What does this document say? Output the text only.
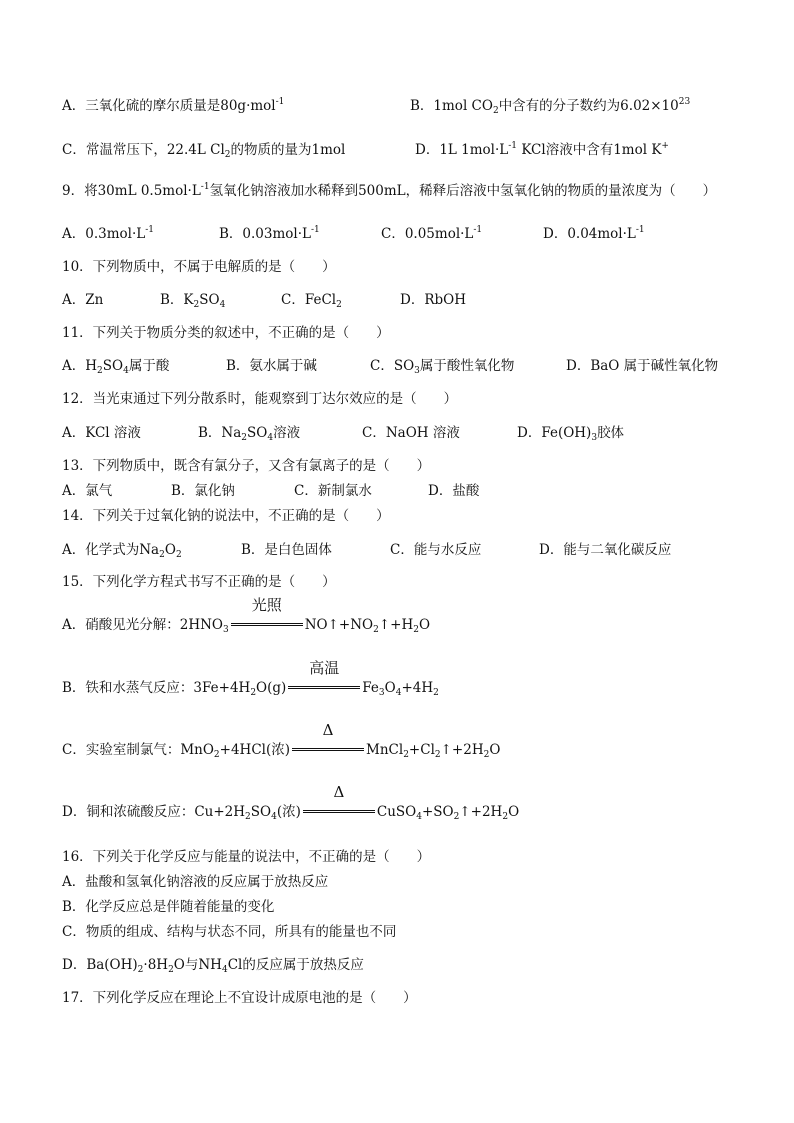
A．三氧化硫的摩尔质量是80g·mol$^{-1}$	B．1mol $CO_2$中含有的分子数约为$6.02\times 10^{23}$
C．常温常压下，22.4L $Cl_2$的物质的量为1mol	D．1L $1mol\cdot L^{-1}$ KCl溶液中含有1mol K+
9．将30mL $0.5mol\cdot L^{-1}$氢氧化钠溶液加水稀释到500mL，稀释后溶液中氢氧化钠的物质的量浓度为（　　）
A．$0.3mol\cdot L^{-1}$	B．$0.03mol\cdot L^{-1}$	C．$0.05mol\cdot L^{-1}$	D．$0.04mol\cdot L^{-1}$
10．下列物质中，不属于电解质的是（　　）
A．Zn	B．$K_2SO_4$	C．FeCl$_2$	D．RbOH
11．下列关于物质分类的叙述中，不正确的是（　　）
A．$H_2SO_4$属于酸	B．氨水属于碱	C．$SO_3$属于酸性氧化物	D．BaO 属于碱性氧化物
12．当光束通过下列分散系时，能观察到丁达尔效应的是（　　）
A．KCl 溶液	B．$Na_2SO_4$溶液	C．NaOH 溶液	D．$Fe(OH)_3$胶体
13．下列物质中，既含有氯分子，又含有氯离子的是（　　）
A．氯气	B．氯化钠	C．新制氯水	D．盐酸
14．下列关于过氧化钠的说法中，不正确的是（　　）
A．化学式为$Na_2O_2$	B．是白色固体	C．能与水反应	D．能与二氧化碳反应
15．下列化学方程式书写不正确的是（　　）
A．硝酸见光分解：$2HNO_3$
光照
$NO↑+NO_2↑+H_2O$
B．铁和水蒸气反应：$3Fe+4H_2O(g)$
高温
$Fe_3O_4+4H_2$
C．实验室制氯气：MnO$_2$+4HCl(浓)
Δ
$MnCl_2+Cl_2↑+2H_2O$
D．铜和浓硫酸反应：$Cu+2H_2SO_4$(浓)
Δ
$CuSO_4+SO_2↑+2H_2O$
16．下列关于化学反应与能量的说法中，不正确的是（　　）
A．盐酸和氢氧化钠溶液的反应属于放热反应
B．化学反应总是伴随着能量的变化
C．物质的组成、结构与状态不同，所具有的能量也不同
D．$Ba(OH)_2\cdot 8H_2O$与$NH_4Cl$的反应属于放热反应
17．下列化学反应在理论上不宜设计成原电池的是（　　）
